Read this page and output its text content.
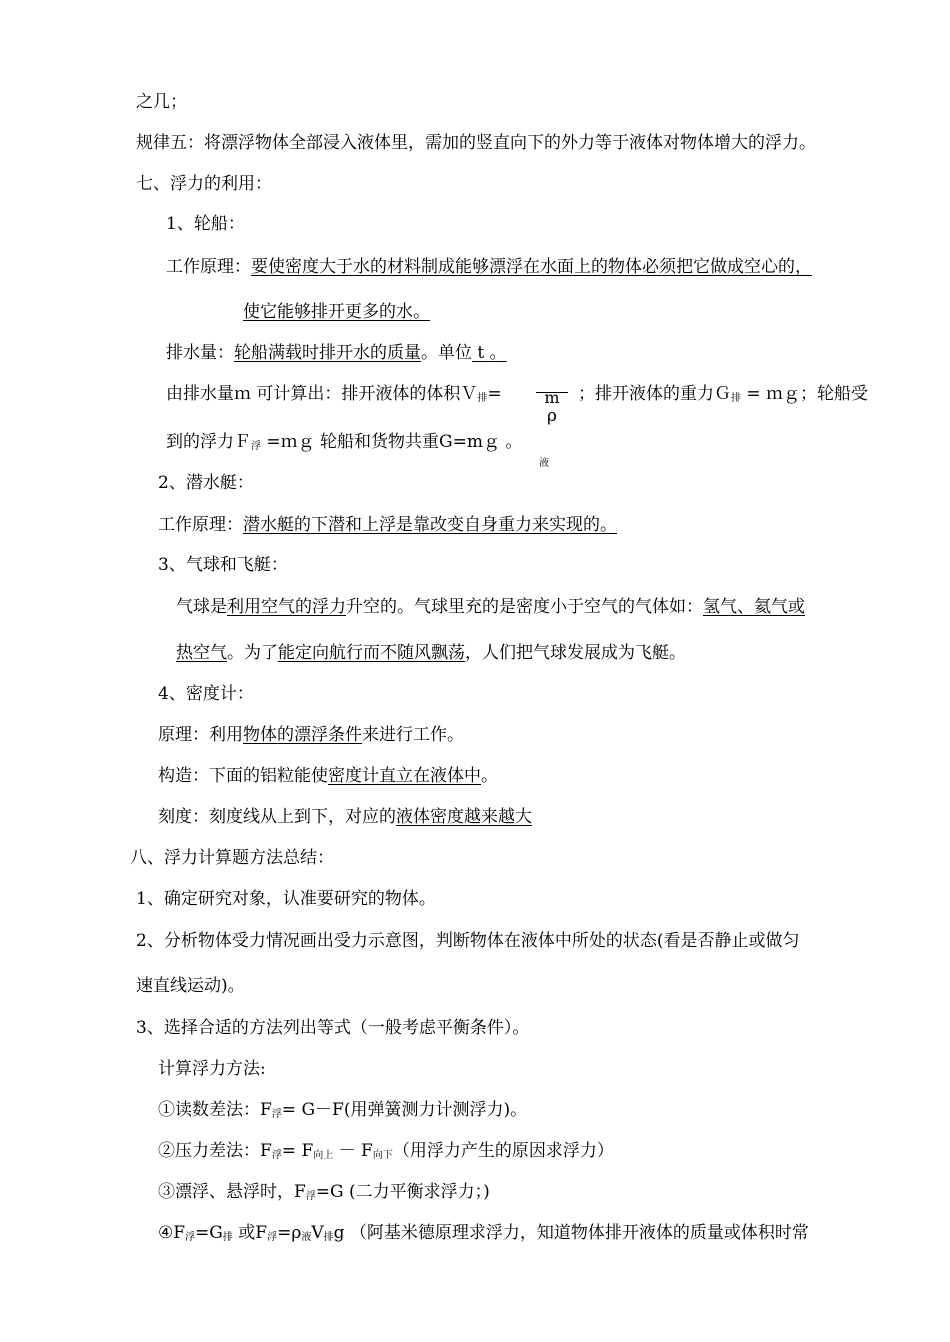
之几；
规律五：将漂浮物体全部浸入液体里，需加的竖直向下的外力等于液体对物体增大的浮力。
七、浮力的利用：
1、轮船：
工作原理：要使密度大于水的材料制成能够漂浮在水面上的物体必须把它做成空心的，
使它能够排开更多的水。
排水量：轮船满载时排开水的质量。单位 t 。
由排水量ｍ 可计算出：排开液体的体积Ｖ$_排$=	m
ρ
液
；排开液体的重力Ｇ$_排$ = ｍｇ；轮船受
到的浮力Ｆ$_浮$ =ｍｇ 轮船和货物共重G=mｇ 。
2、潜水艇：
工作原理：潜水艇的下潜和上浮是靠改变自身重力来实现的。
3、气球和飞艇：
气球是利用空气的浮力升空的。气球里充的是密度小于空气的气体如：氢气、氦气或
热空气。为了能定向航行而不随风飘荡，人们把气球发展成为飞艇。
4、密度计：
原理：利用物体的漂浮条件来进行工作。
构造：下面的铝粒能使密度计直立在液体中。
刻度：刻度线从上到下，对应的液体密度越来越大
八、浮力计算题方法总结：
1、确定研究对象，认准要研究的物体。
2、分析物体受力情况画出受力示意图，判断物体在液体中所处的状态(看是否静止或做匀
速直线运动)。
3、选择合适的方法列出等式（一般考虑平衡条件）。
计算浮力方法:
①读数差法：$F_浮= G-F$(用弹簧测力计测浮力)。
②压力差法：$F_浮= F_{向上} - F_{向下}$（用浮力产生的原因求浮力）
③漂浮、悬浮时，$F_浮=G$ (二力平衡求浮力；)
$④F_浮=G_排$ 或$F_浮=\rho_液V_排g$ （阿基米德原理求浮力，知道物体排开液体的质量或体积时常
